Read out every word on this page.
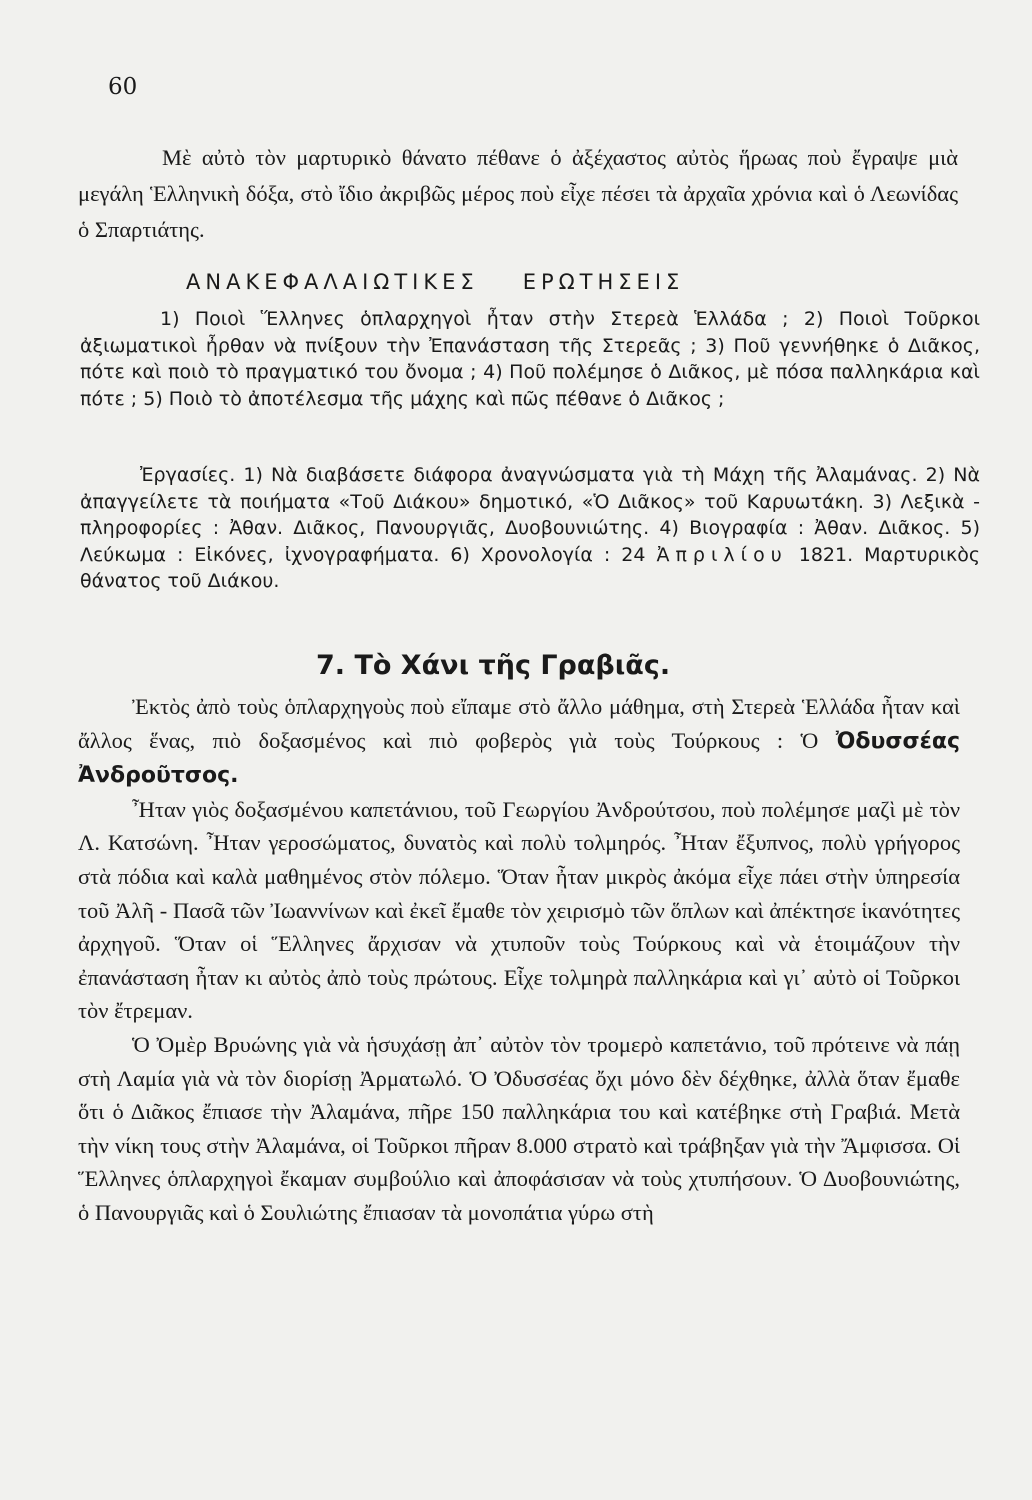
60

Μὲ αὐτὸ τὸν μαρτυρικὸ θάνατο πέθανε ὁ ἀξέχαστος αὐτὸς ἥρωας ποὺ ἔγραψε μιὰ μεγάλη Ἑλληνικὴ δόξα, στὸ ἴδιο ἀκριβῶς μέρος ποὺ εἶχε πέσει τὰ ἀρχαῖα χρόνια καὶ ὁ Λεωνίδας ὁ Σπαρτιάτης.

ΑΝΑΚΕΦΑΛΑΙΩΤΙΚΕΣ ΕΡΩΤΗΣΕΙΣ

1) Ποιοὶ Ἕλληνες ὁπλαρχηγοὶ ἦταν στὴν Στερεὰ Ἑλλάδα ; 2) Ποιοὶ Τοῦρκοι ἀξιωματικοὶ ἦρθαν νὰ πνίξουν τὴν Ἐπανάσταση τῆς Στερεᾶς ; 3) Ποῦ γεννήθηκε ὁ Διᾶκος, πότε καὶ ποιὸ τὸ πραγματικό του ὄνομα ; 4) Ποῦ πολέμησε ὁ Διᾶκος, μὲ πόσα παλληκάρια καὶ πότε ; 5) Ποιὸ τὸ ἀποτέλεσμα τῆς μάχης καὶ πῶς πέθανε ὁ Διᾶκος ;

Ἐργασίες. 1) Νὰ διαβάσετε διάφορα ἀναγνώσματα γιὰ τὴ Μάχη τῆς Ἀλαμάνας. 2) Νὰ ἀπαγγείλετε τὰ ποιήματα «Τοῦ Διάκου» δημοτικό, «Ὁ Διᾶκος» τοῦ Καρυωτάκη. 3) Λεξικὰ - πληροφορίες : Ἀθαν. Διᾶκος, Πανουργιᾶς, Δυοβουνιώτης. 4) Βιογραφία : Ἀθαν. Διᾶκος. 5) Λεύκωμα : Εἰκόνες, ἰχνογραφήματα. 6) Χρονολογία : 24 Ἀπριλίου 1821. Μαρτυρικὸς θάνατος τοῦ Διάκου.

7. Τὸ Χάνι τῆς Γραβιᾶς.

Ἐκτὸς ἀπὸ τοὺς ὁπλαρχηγοὺς ποὺ εἴπαμε στὸ ἄλλο μάθημα, στὴ Στερεὰ Ἑλλάδα ἦταν καὶ ἄλλος ἕνας, πιὸ δοξασμένος καὶ πιὸ φοβερὸς γιὰ τοὺς Τούρκους : Ὁ Ὀδυσσέας Ἀνδροῦτσος.

Ἦταν γιὸς δοξασμένου καπετάνιου, τοῦ Γεωργίου Ἀνδρούτσου, ποὺ πολέμησε μαζὶ μὲ τὸν Λ. Κατσώνη. Ἦταν γεροσώματος, δυνατὸς καὶ πολὺ τολμηρός. Ἦταν ἔξυπνος, πολὺ γρήγορος στὰ πόδια καὶ καλὰ μαθημένος στὸν πόλεμο. Ὅταν ἦταν μικρὸς ἀκόμα εἶχε πάει στὴν ὑπηρεσία τοῦ Ἀλῆ - Πασᾶ τῶν Ἰωαννίνων καὶ ἐκεῖ ἔμαθε τὸν χειρισμὸ τῶν ὅπλων καὶ ἀπέκτησε ἱκανότητες ἀρχηγοῦ. Ὅταν οἱ Ἕλληνες ἄρχισαν νὰ χτυποῦν τοὺς Τούρκους καὶ νὰ ἑτοιμάζουν τὴν ἐπανάσταση ἦταν κι αὐτὸς ἀπὸ τοὺς πρώτους. Εἶχε τολμηρὰ παλληκάρια καὶ γι᾿ αὐτὸ οἱ Τοῦρκοι τὸν ἔτρεμαν.

Ὁ Ὀμὲρ Βρυώνης γιὰ νὰ ἡσυχάσῃ ἀπ᾿ αὐτὸν τὸν τρομερὸ καπετάνιο, τοῦ πρότεινε νὰ πάῃ στὴ Λαμία γιὰ νὰ τὸν διορίσῃ Ἀρματωλό. Ὁ Ὀδυσσέας ὄχι μόνο δὲν δέχθηκε, ἀλλὰ ὅταν ἔμαθε ὅτι ὁ Διᾶκος ἔπιασε τὴν Ἀλαμάνα, πῆρε 150 παλληκάρια του καὶ κατέβηκε στὴ Γραβιά. Μετὰ τὴν νίκη τους στὴν Ἀλαμάνα, οἱ Τοῦρκοι πῆραν 8.000 στρατὸ καὶ τράβηξαν γιὰ τὴν Ἄμφισσα. Οἱ Ἕλληνες ὁπλαρχηγοὶ ἔκαμαν συμβούλιο καὶ ἀποφάσισαν νὰ τοὺς χτυπήσουν. Ὁ Δυοβουνιώτης, ὁ Πανουργιᾶς καὶ ὁ Σουλιώτης ἔπιασαν τὰ μονοπάτια γύρω στὴ
